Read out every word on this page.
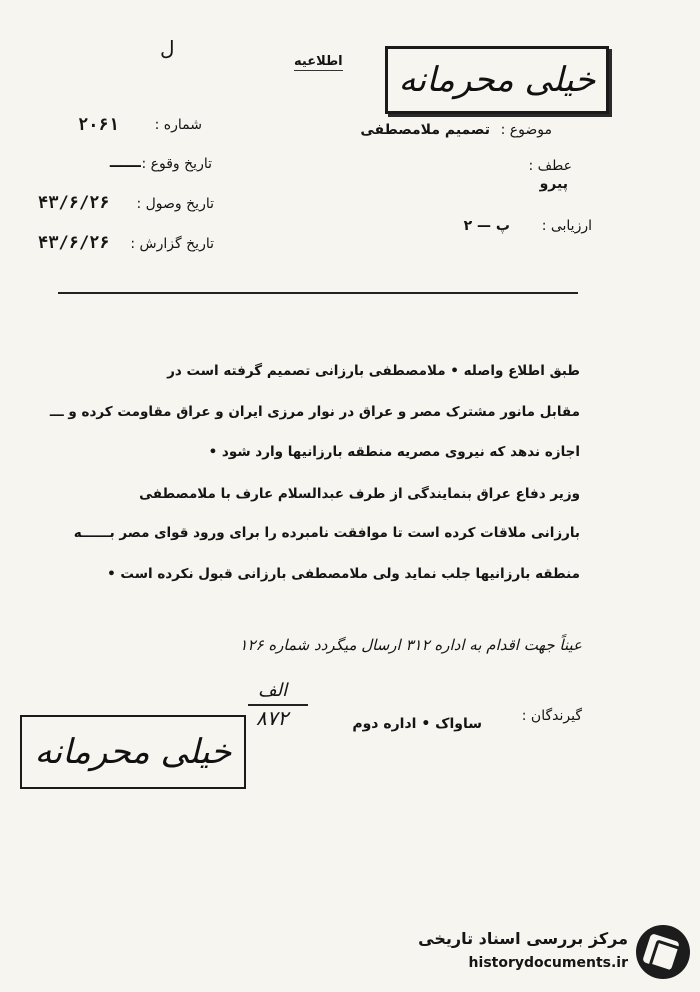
خیلی محرمانه
ل
اطلاعیه
موضوع :
تصمیم ملامصطفی
عطف :
پیرو
ارزیابی :
پ — ۲
شماره :
۲۰۶۱
تاریخ وقوع :
ـــ
تاریخ وصول :
۴۳/۶/۲۶
تاریخ گزارش :
۴۳/۶/۲۶
طبق اطلاع واصله • ملامصطفی بارزانی تصمیم گرفته است در
مقابل مانور مشترک مصر و عراق در نوار مرزی ایران و عراق مقاومت کرده و ـــ
اجازه ندهد که نیروی مصریه منطقه بارزانیها وارد شود •
وزیر دفاع عراق بنمایندگی از طرف عبدالسلام عارف با ملامصطفی
بارزانی ملاقات کرده است تا موافقت نامبرده را برای ورود قوای مصر بــــــه
منطقه بارزانیها جلب نماید ولی ملامصطفی بارزانی قبول نکرده است •
عیناً جهت اقدام به اداره ۳۱۲ ارسال میگردد شماره ۱۲۶
الف
۸۷۲	گیرندگان :
ساواک • اداره دوم
خیلی محرمانه
مرکز بررسی اسناد تاریخی
historydocuments.ir
